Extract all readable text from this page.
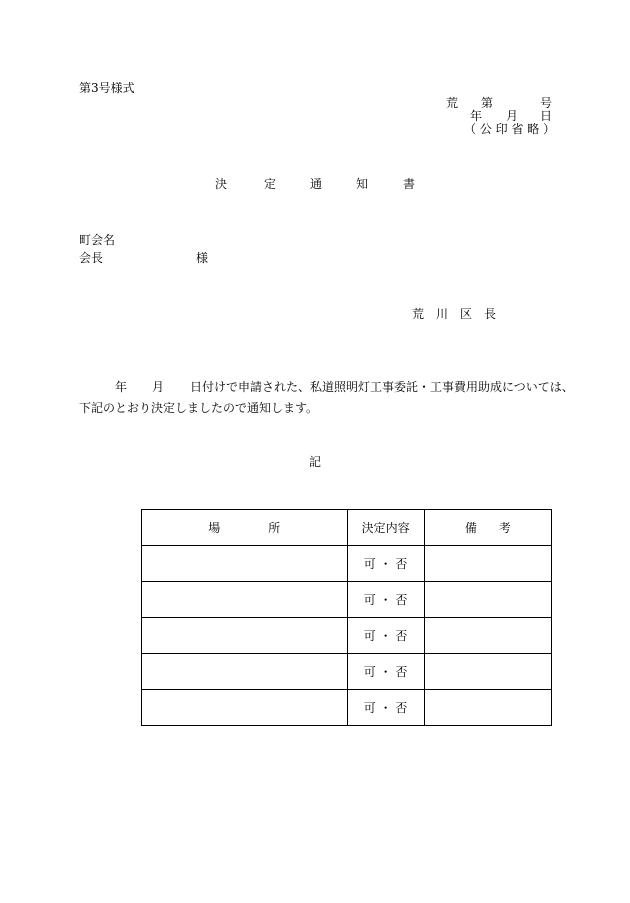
第3号様式
荒 第	号
年 月 日
（ 公 印 省 略 ）
決	定	通	知	書
町会名
会長	様
荒　川　区　長
年 月 日付けで申請された、私道照明灯工事委託・工事費用助成については、
下記のとおり決定しましたので通知します。
記
場 所	決定内容	備 考
	可 ・ 否	
	可 ・ 否	
	可 ・ 否	
	可 ・ 否	
	可 ・ 否	
